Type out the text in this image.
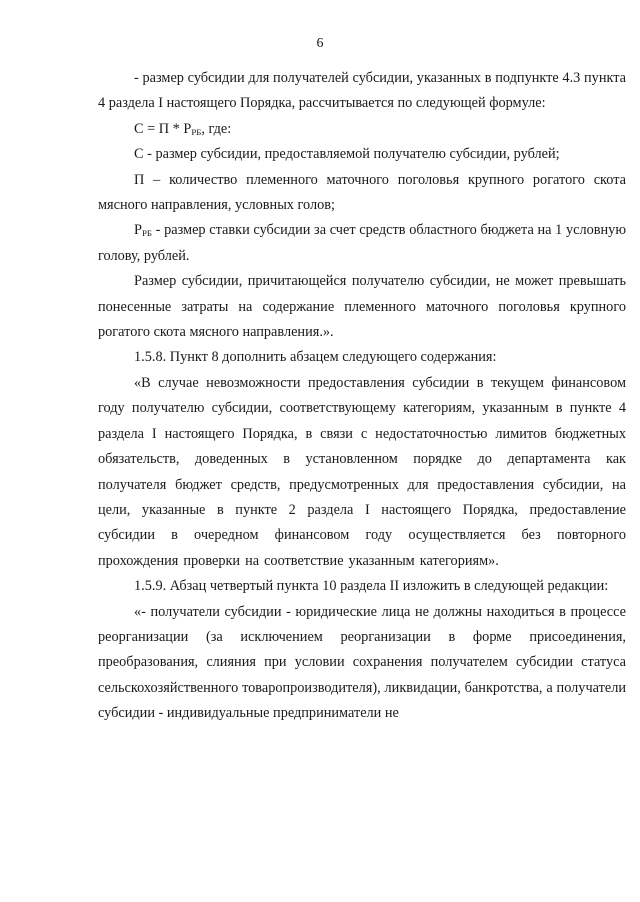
6

- размер субсидии для получателей субсидии, указанных в подпункте 4.3 пункта 4 раздела I настоящего Порядка, рассчитывается по следующей формуле:

$С = П * Р_{РБ}$, где:

С - размер субсидии, предоставляемой получателю субсидии, рублей;

П – количество племенного маточного поголовья крупного рогатого скота мясного направления, условных голов;

$Р_{РБ}$ - размер ставки субсидии за счет средств областного бюджета на 1 условную голову, рублей.

Размер субсидии, причитающейся получателю субсидии, не может превышать понесенные затраты на содержание племенного маточного поголовья крупного рогатого скота мясного направления.».

1.5.8. Пункт 8 дополнить абзацем следующего содержания:

«В случае невозможности предоставления субсидии в текущем финансовом году получателю субсидии, соответствующему категориям, указанным в пункте 4 раздела I настоящего Порядка, в связи с недостаточностью лимитов бюджетных обязательств, доведенных в установленном порядке до департамента как получателя бюджет средств, предусмотренных для предоставления субсидии, на цели, указанные в пункте 2 раздела I настоящего Порядка, предоставление субсидии в очередном финансовом году осуществляется без повторного прохождения проверки на соответствие указанным категориям».

1.5.9. Абзац четвертый пункта 10 раздела II изложить в следующей редакции:

«- получатели субсидии - юридические лица не должны находиться в процессе реорганизации (за исключением реорганизации в форме присоединения, преобразования, слияния при условии сохранения получателем субсидии статуса сельскохозяйственного товаропроизводителя), ликвидации, банкротства, а получатели субсидии - индивидуальные предприниматели не
